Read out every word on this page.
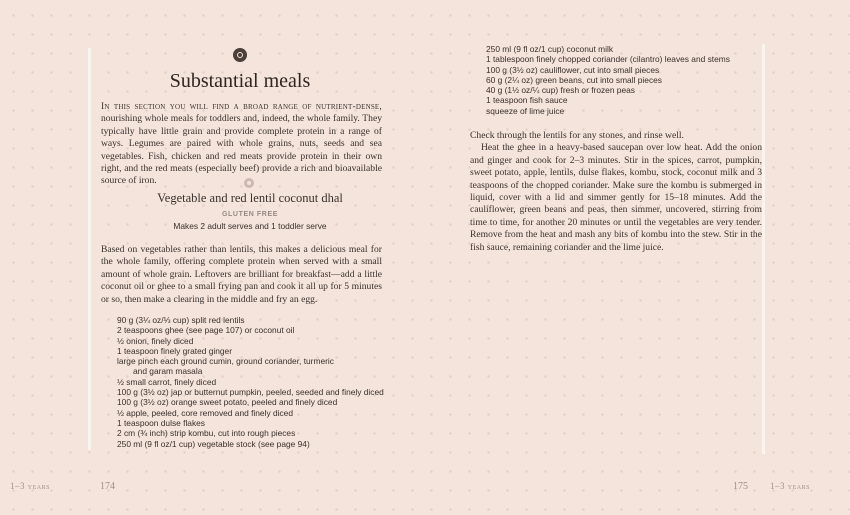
Substantial meals

In this section you will find a broad range of nutrient-dense, nourishing whole meals for toddlers and, indeed, the whole family. They typically have little grain and provide complete protein in a range of ways. Legumes are paired with whole grains, nuts, seeds and sea vegetables. Fish, chicken and red meats provide protein in their own right, and the red meats (especially beef) provide a rich and bioavailable source of iron.

Vegetable and red lentil coconut dhal
GLUTEN FREE
Makes 2 adult serves and 1 toddler serve

Based on vegetables rather than lentils, this makes a delicious meal for the whole family, offering complete protein when served with a small amount of whole grain. Leftovers are brilliant for breakfast—add a little coconut oil or ghee to a small frying pan and cook it all up for 5 minutes or so, then make a clearing in the middle and fry an egg.

90 g (3¼ oz/⅓ cup) split red lentils
2 teaspoons ghee (see page 107) or coconut oil
½ onion, finely diced
1 teaspoon finely grated ginger
large pinch each ground cumin, ground coriander, turmeric
and garam masala
½ small carrot, finely diced
100 g (3½ oz) jap or butternut pumpkin, peeled, seeded and finely diced
100 g (3½ oz) orange sweet potato, peeled and finely diced
½ apple, peeled, core removed and finely diced
1 teaspoon dulse flakes
2 cm (¾ inch) strip kombu, cut into rough pieces
250 ml (9 fl oz/1 cup) vegetable stock (see page 94)
1–3 years	174
250 ml (9 fl oz/1 cup) coconut milk
1 tablespoon finely chopped coriander (cilantro) leaves and stems
100 g (3½ oz) cauliflower, cut into small pieces
60 g (2¼ oz) green beans, cut into small pieces
40 g (1½ oz/¼ cup) fresh or frozen peas
1 teaspoon fish sauce
squeeze of lime juice

Check through the lentils for any stones, and rinse well.

Heat the ghee in a heavy-based saucepan over low heat. Add the onion and ginger and cook for 2–3 minutes. Stir in the spices, carrot, pumpkin, sweet potato, apple, lentils, dulse flakes, kombu, stock, coconut milk and 3 teaspoons of the chopped coriander. Make sure the kombu is submerged in liquid, cover with a lid and simmer gently for 15–18 minutes. Add the cauliflower, green beans and peas, then simmer, uncovered, stirring from time to time, for another 20 minutes or until the vegetables are very tender. Remove from the heat and mash any bits of kombu into the stew. Stir in the fish sauce, remaining coriander and the lime juice.

175 1–3 years
